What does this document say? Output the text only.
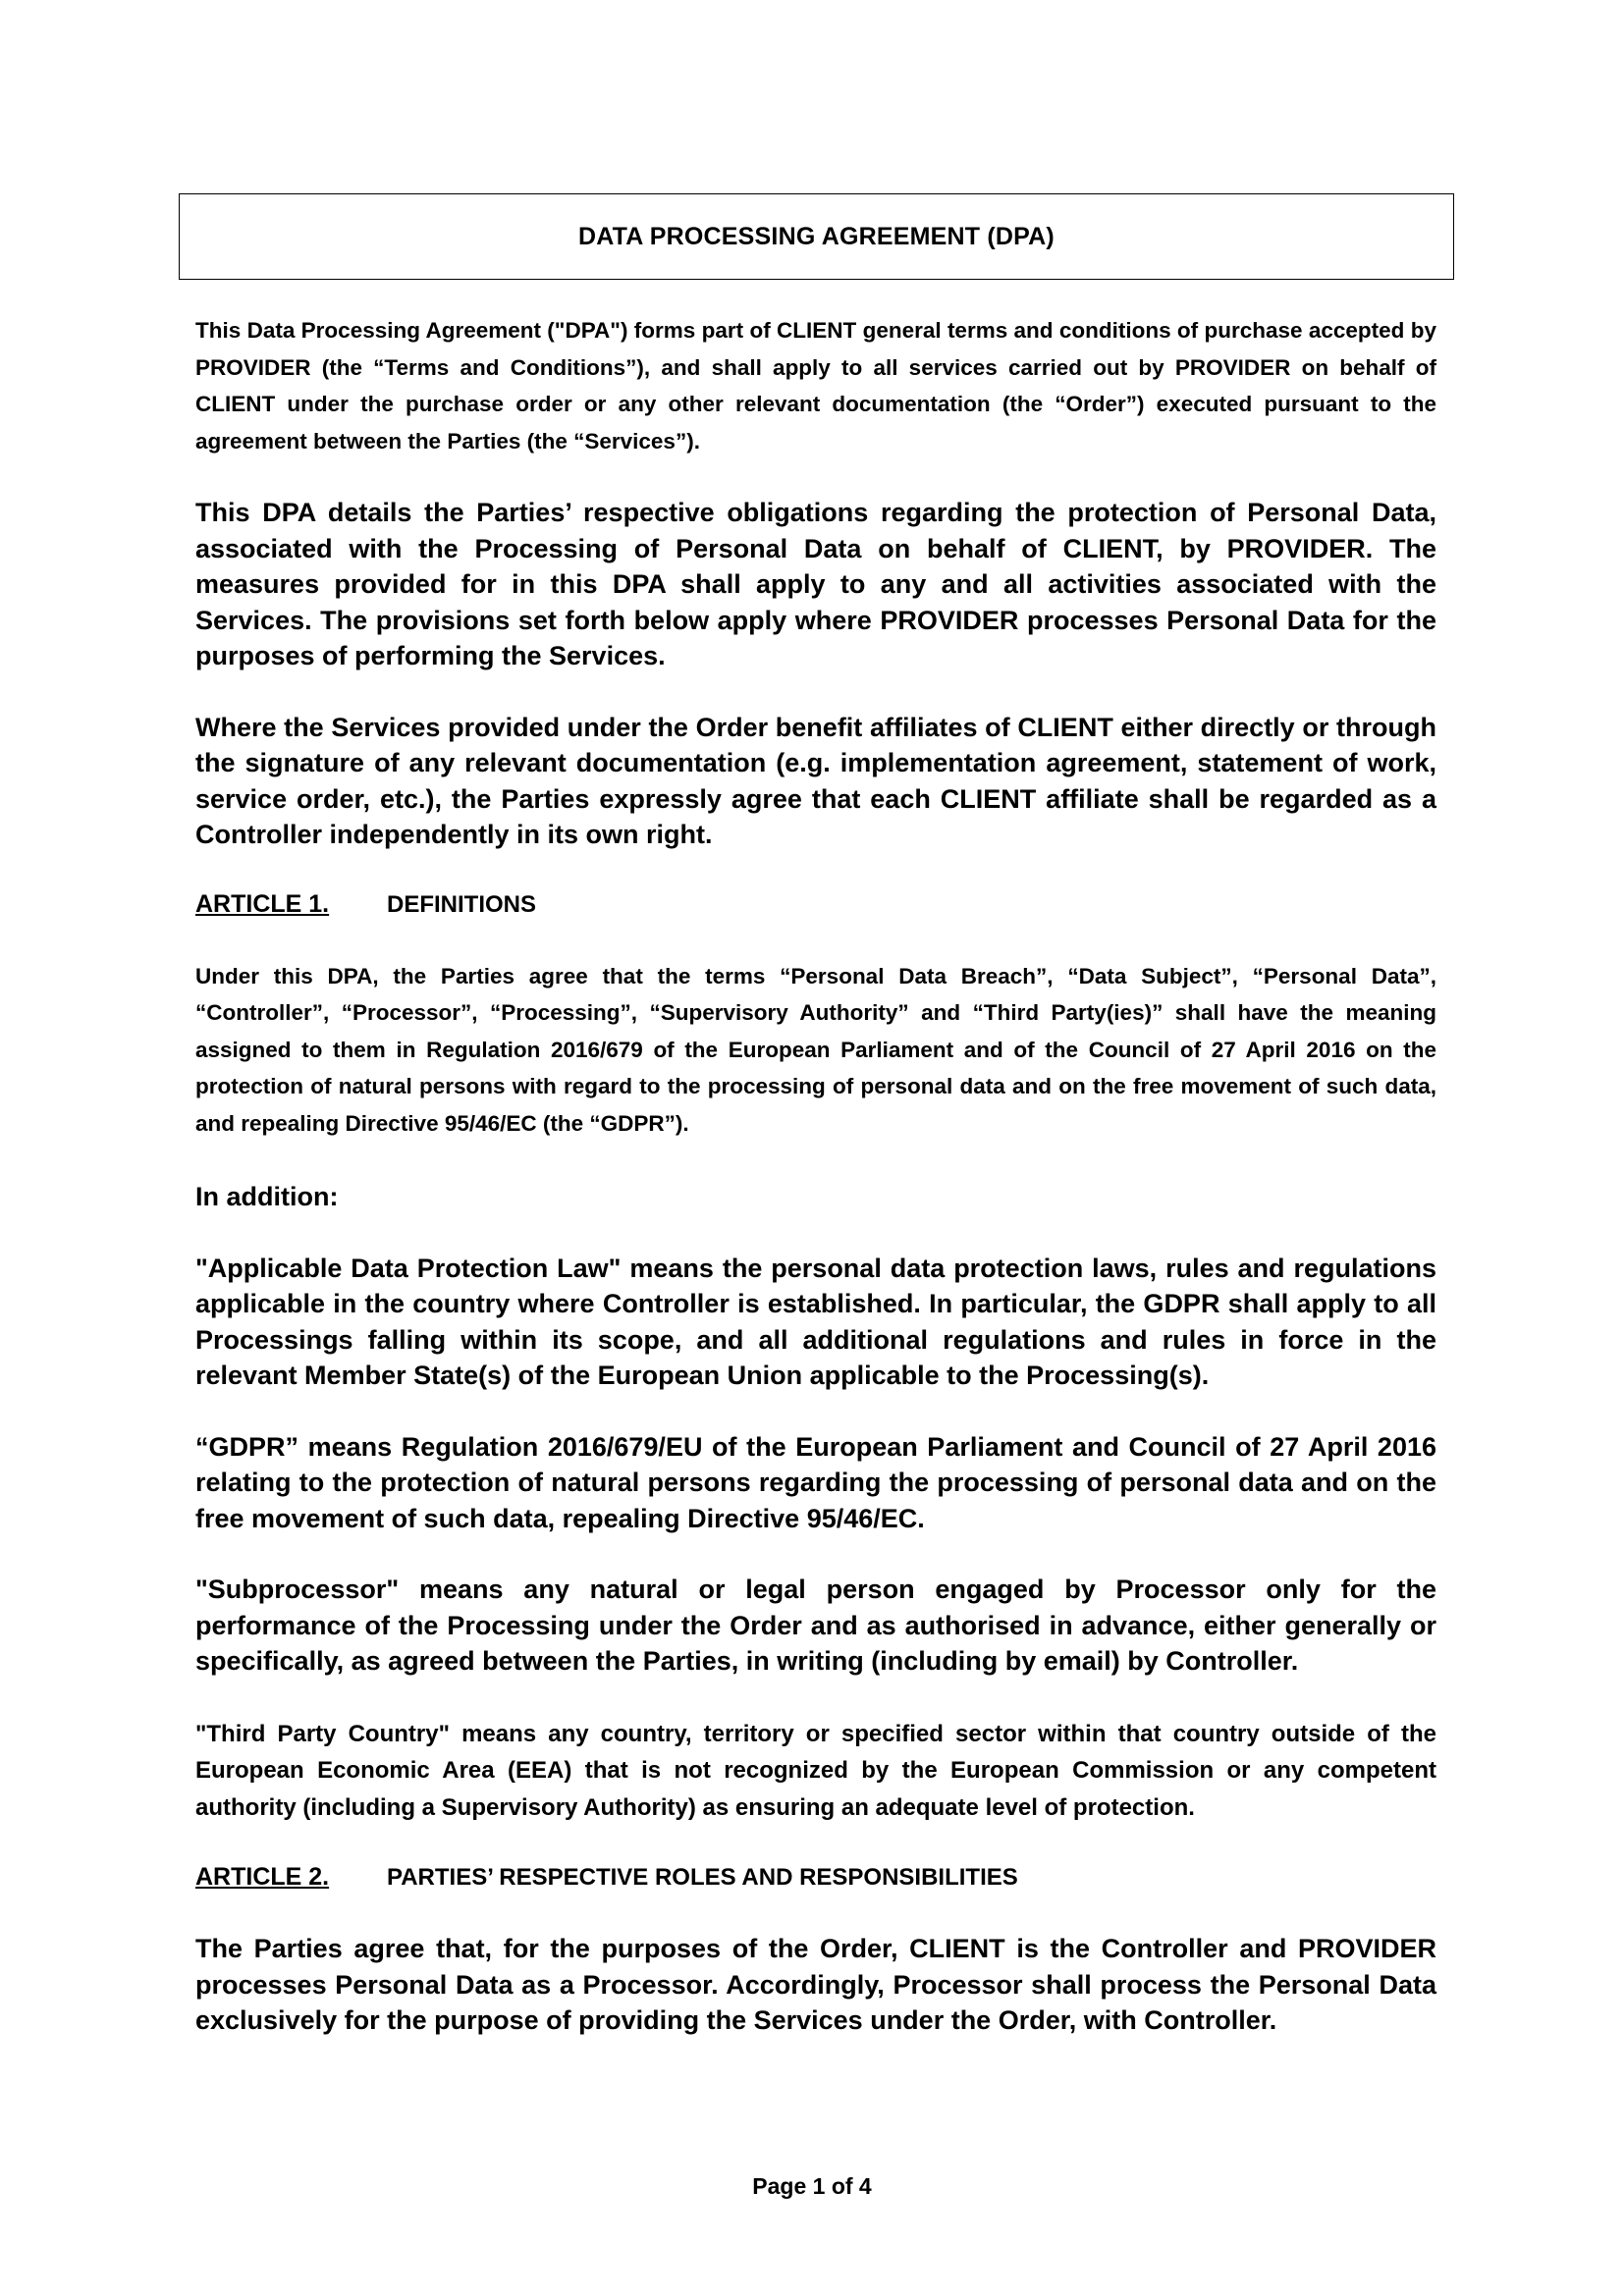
DATA PROCESSING AGREEMENT (DPA)

This Data Processing Agreement ("DPA") forms part of CLIENT general terms and conditions of purchase accepted by PROVIDER (the “Terms and Conditions”), and shall apply to all services carried out by PROVIDER on behalf of CLIENT under the purchase order or any other relevant documentation (the “Order”) executed pursuant to the agreement between the Parties (the “Services”).

This DPA details the Parties’ respective obligations regarding the protection of Personal Data, associated with the Processing of Personal Data on behalf of CLIENT, by PROVIDER. The measures provided for in this DPA shall apply to any and all activities associated with the Services. The provisions set forth below apply where PROVIDER processes Personal Data for the purposes of performing the Services.

Where the Services provided under the Order benefit affiliates of CLIENT either directly or through the signature of any relevant documentation (e.g. implementation agreement, statement of work, service order, etc.), the Parties expressly agree that each CLIENT affiliate shall be regarded as a Controller independently in its own right.

ARTICLE 1.	DEFINITIONS

Under this DPA, the Parties agree that the terms “Personal Data Breach”, “Data Subject”, “Personal Data”, “Controller”, “Processor”, “Processing”, “Supervisory Authority” and “Third Party(ies)” shall have the meaning assigned to them in Regulation 2016/679 of the European Parliament and of the Council of 27 April 2016 on the protection of natural persons with regard to the processing of personal data and on the free movement of such data, and repealing Directive 95/46/EC (the “GDPR”).

In addition:

"Applicable Data Protection Law" means the personal data protection laws, rules and regulations applicable in the country where Controller is established. In particular, the GDPR shall apply to all Processings falling within its scope, and all additional regulations and rules in force in the relevant Member State(s) of the European Union applicable to the Processing(s).

“GDPR” means Regulation 2016/679/EU of the European Parliament and Council of 27 April 2016 relating to the protection of natural persons regarding the processing of personal data and on the free movement of such data, repealing Directive 95/46/EC.

"Subprocessor" means any natural or legal person engaged by Processor only for the performance of the Processing under the Order and as authorised in advance, either generally or specifically, as agreed between the Parties, in writing (including by email) by Controller.

"Third Party Country" means any country, territory or specified sector within that country outside of the European Economic Area (EEA) that is not recognized by the European Commission or any competent authority (including a Supervisory Authority) as ensuring an adequate level of protection.

ARTICLE 2.	PARTIES’ RESPECTIVE ROLES AND RESPONSIBILITIES

The Parties agree that, for the purposes of the Order, CLIENT is the Controller and PROVIDER processes Personal Data as a Processor. Accordingly, Processor shall process the Personal Data exclusively for the purpose of providing the Services under the Order, with Controller.

Page 1 of 4
